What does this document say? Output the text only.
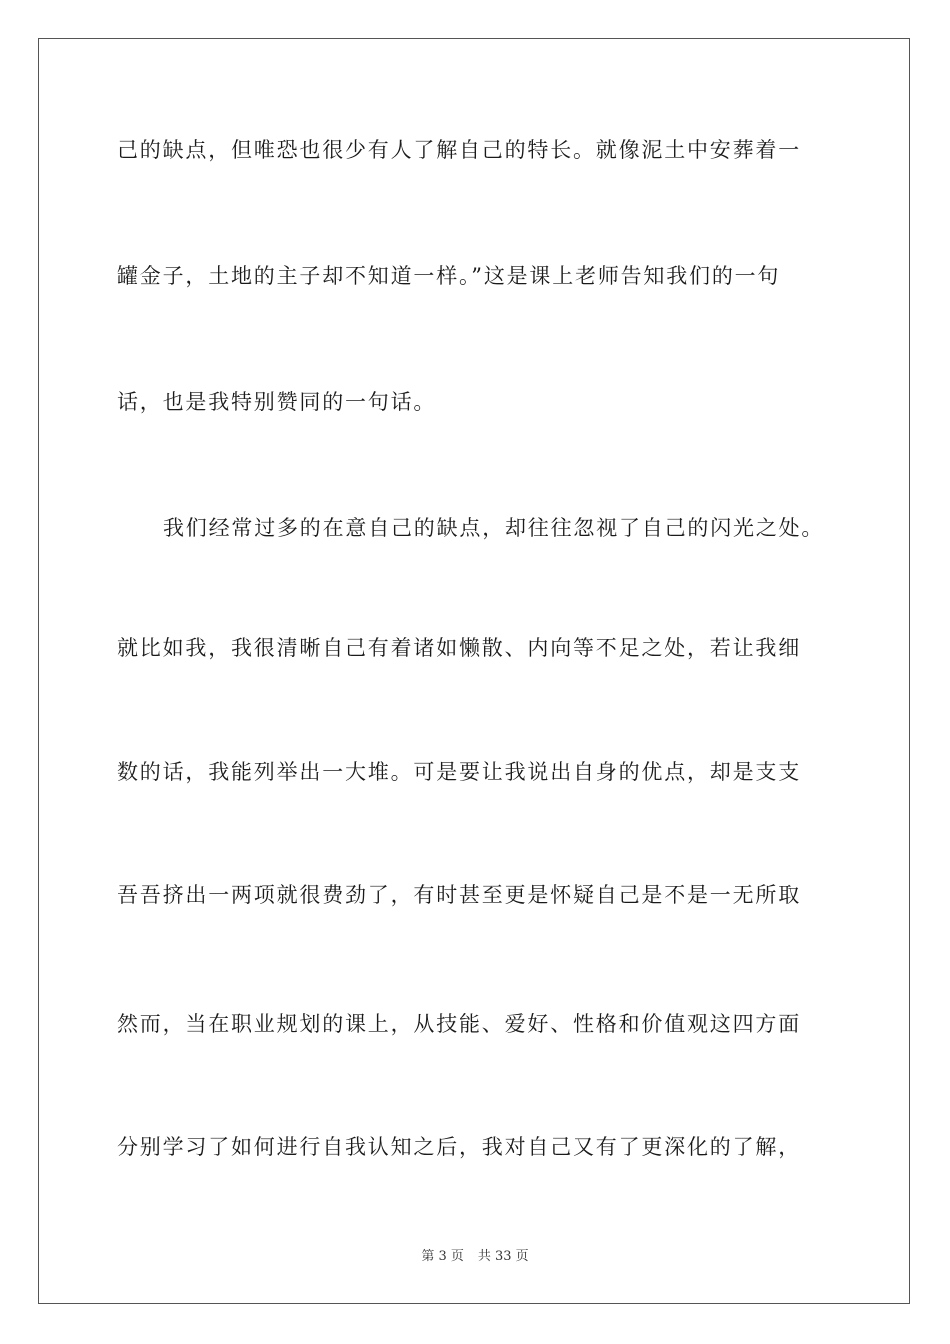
己的缺点，但唯恐也很少有人了解自己的特长。就像泥土中安葬着一
罐金子，土地的主子却不知道一样。”这是课上老师告知我们的一句
话，也是我特别赞同的一句话。
我们经常过多的在意自己的缺点，却往往忽视了自己的闪光之处。
就比如我，我很清晰自己有着诸如懒散、内向等不足之处，若让我细
数的话，我能列举出一大堆。可是要让我说出自身的优点，却是支支
吾吾挤出一两项就很费劲了，有时甚至更是怀疑自己是不是一无所取
然而，当在职业规划的课上，从技能、爱好、性格和价值观这四方面
分别学习了如何进行自我认知之后，我对自己又有了更深化的了解，
第 3 页 共 33 页
